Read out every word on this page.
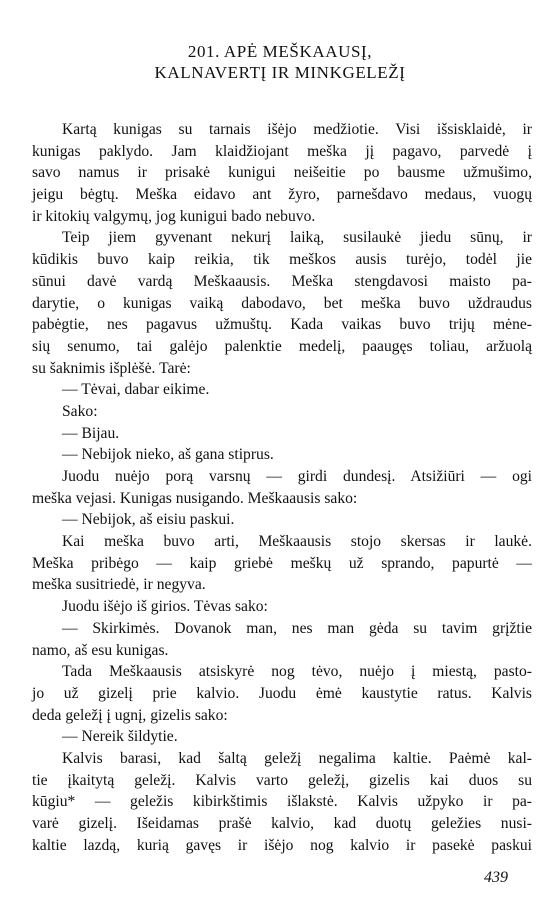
201. APĖ MEŠKAAUSĮ,
KALNAVERTĮ IR MINKGELEŽĮ
Kartą kunigas su tarnais išėjo medžiotie. Visi išsisklaidė, ir
kunigas paklydo. Jam klaidžiojant meška jį pagavo, parvedė į
savo namus ir prisakė kunigui neišeitie po bausme užmušimo,
jeigu bėgtų. Meška eidavo ant žyro, parnešdavo medaus, vuogų
ir kitokių valgymų, jog kunigui bado nebuvo.
Teip jiem gyvenant nekurį laiką, susilaukė jiedu sūnų, ir
kūdikis buvo kaip reikia, tik meškos ausis turėjo, todėl jie
sūnui davė vardą Meškaausis. Meška stengdavosi maisto pa-
darytie, o kunigas vaiką dabodavo, bet meška buvo uždraudus
pabėgtie, nes pagavus užmuštų. Kada vaikas buvo trijų mėne-
sių senumo, tai galėjo palenktie medelį, paaugęs toliau, aržuolą
su šaknimis išplėšė. Tarė:
— Tėvai, dabar eikime.
Sako:
— Bijau.
— Nebijok nieko, aš gana stiprus.
Juodu nuėjo porą varsnų — girdi dundesį. Atsižiūri — ogi
meška vejasi. Kunigas nusigando. Meškaausis sako:
— Nebijok, aš eisiu paskui.
Kai meška buvo arti, Meškaausis stojo skersas ir laukė.
Meška pribėgo — kaip griebė meškų už sprando, papurtė —
meška susitriedė, ir negyva.
Juodu išėjo iš girios. Tėvas sako:
— Skirkimės. Dovanok man, nes man gėda su tavim grįžtie
namo, aš esu kunigas.
Tada Meškaausis atsiskyrė nog tėvo, nuėjo į miestą, pasto-
jo už gizelį prie kalvio. Juodu ėmė kaustytie ratus. Kalvis
deda geležį į ugnį, gizelis sako:
— Nereik šildytie.
Kalvis barasi, kad šaltą geležį negalima kaltie. Paėmė kal-
tie įkaitytą geležį. Kalvis varto geležį, gizelis kai duos su
kūgiu* — geležis kibirkštimis išlakstė. Kalvis užpyko ir pa-
varė gizelį. Išeidamas prašė kalvio, kad duotų geležies nusi-
kaltie lazdą, kurią gavęs ir išėjo nog kalvio ir pasekė paskui
439
